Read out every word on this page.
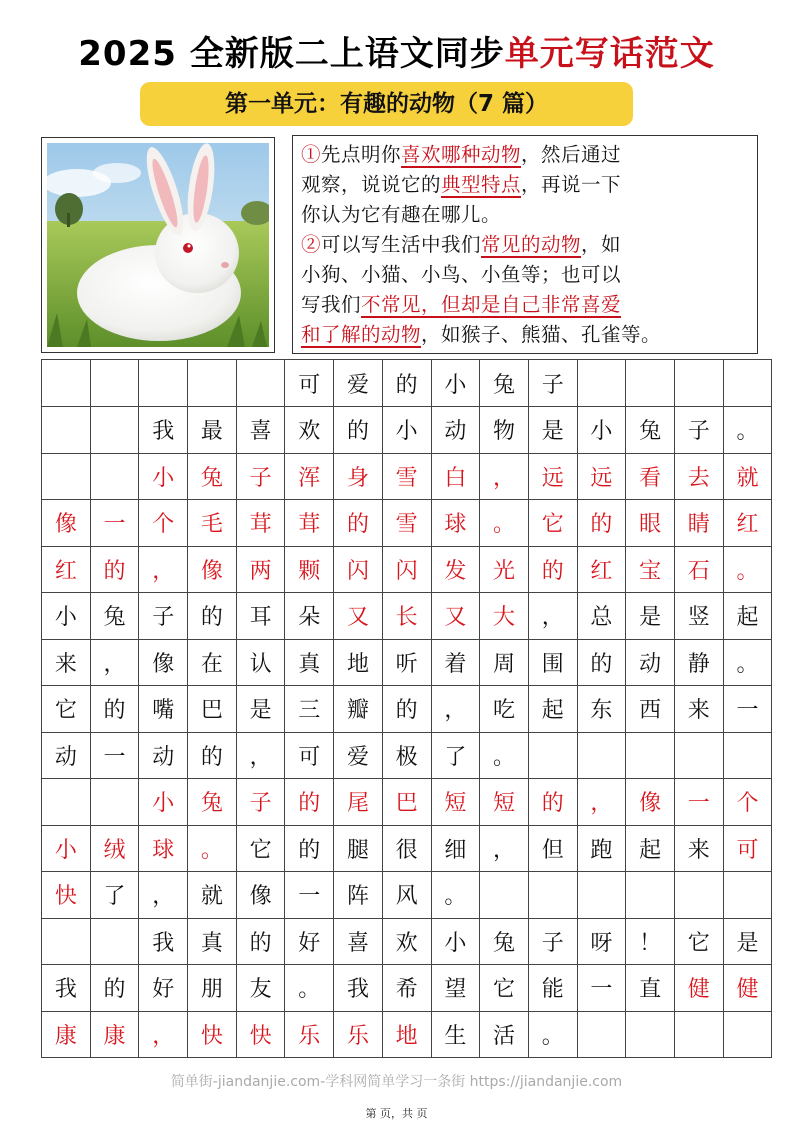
2025 全新版二上语文同步单元写话范文
第一单元：有趣的动物（7 篇）
①先点明你喜欢哪种动物，然后通过
观察，说说它的典型特点，再说一下
你认为它有趣在哪儿。
②可以写生活中我们常见的动物，如
小狗、小猫、小鸟、小鱼等；也可以
写我们不常见，但却是自己非常喜爱
和了解的动物，如猴子、熊猫、孔雀等。
					可	爱	的	小	兔	子				
		我	最	喜	欢	的	小	动	物	是	小	兔	子	。
		小	兔	子	浑	身	雪	白	，	远	远	看	去	就
像	一	个	毛	茸	茸	的	雪	球	。	它	的	眼	睛	红
红	的	，	像	两	颗	闪	闪	发	光	的	红	宝	石	。
小	兔	子	的	耳	朵	又	长	又	大	，	总	是	竖	起
来	，	像	在	认	真	地	听	着	周	围	的	动	静	。
它	的	嘴	巴	是	三	瓣	的	，	吃	起	东	西	来	一
动	一	动	的	，	可	爱	极	了	。					
		小	兔	子	的	尾	巴	短	短	的	，	像	一	个
小	绒	球	。	它	的	腿	很	细	，	但	跑	起	来	可
快	了	，	就	像	一	阵	风	。						
		我	真	的	好	喜	欢	小	兔	子	呀	！	它	是
我	的	好	朋	友	。	我	希	望	它	能	一	直	健	健
康	康	，	快	快	乐	乐	地	生	活	。				
简单街-jiandanjie.com-学科网简单学习一条街 https://jiandanjie.com
第 页，共 页
